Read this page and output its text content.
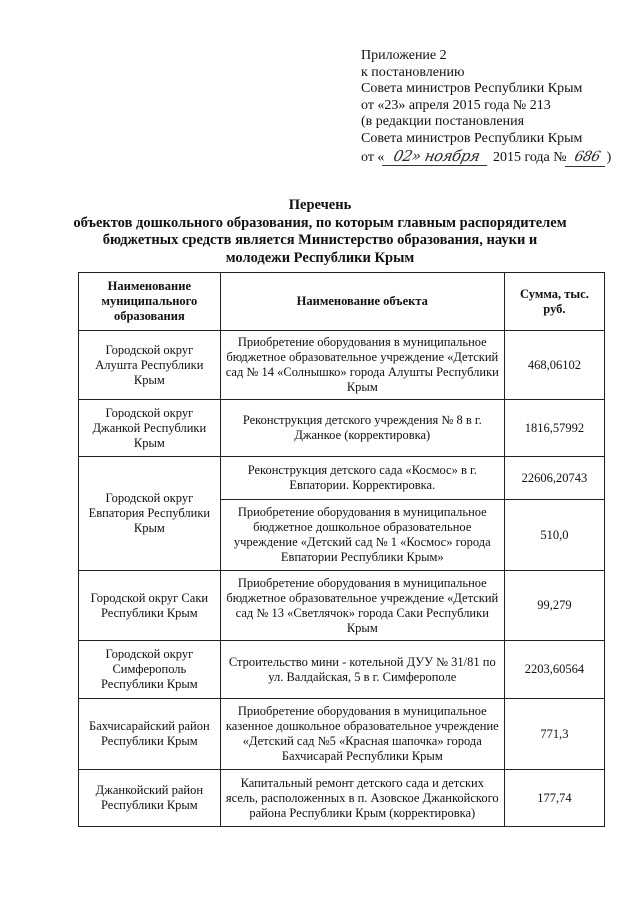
Приложение 2
к постановлению
Совета министров Республики Крым
от «23» апреля 2015 года № 213
(в редакции постановления
Совета министров Республики Крым
от « 02» ноября 2015 года № 686 )
Перечень
объектов дошкольного образования, по которым главным распорядителем
бюджетных средств является Министерство образования, науки и
молодежи Республики Крым
Наименование муниципального образования	Наименование объекта	Сумма, тыс. руб.
Городской округ Алушта Республики Крым	Приобретение оборудования в муниципальное бюджетное образовательное учреждение «Детский сад № 14 «Солнышко» города Алушты Республики Крым	468,06102
Городской округ Джанкой Республики Крым	Реконструкция детского учреждения № 8 в г. Джанкое (корректировка)	1816,57992
Городской округ Евпатория Республики Крым	Реконструкция детского сада «Космос» в г. Евпатории. Корректировка.	22606,20743
	Приобретение оборудования в муниципальное бюджетное дошкольное образовательное учреждение «Детский сад № 1 «Космос» города Евпатории Республики Крым»	510,0
Городской округ Саки Республики Крым	Приобретение оборудования в муниципальное бюджетное образовательное учреждение «Детский сад № 13 «Светлячок» города Саки Республики Крым	99,279
Городской округ Симферополь Республики Крым	Строительство мини - котельной ДУУ № 31/81 по ул. Валдайская, 5 в г. Симферополе	2203,60564
Бахчисарайский район Республики Крым	Приобретение оборудования в муниципальное казенное дошкольное образовательное учреждение «Детский сад №5 «Красная шапочка» города Бахчисарай Республики Крым	771,3
Джанкойский район Республики Крым	Капитальный ремонт детского сада и детских ясель, расположенных в п. Азовское Джанкойского района Республики Крым (корректировка)	177,74
